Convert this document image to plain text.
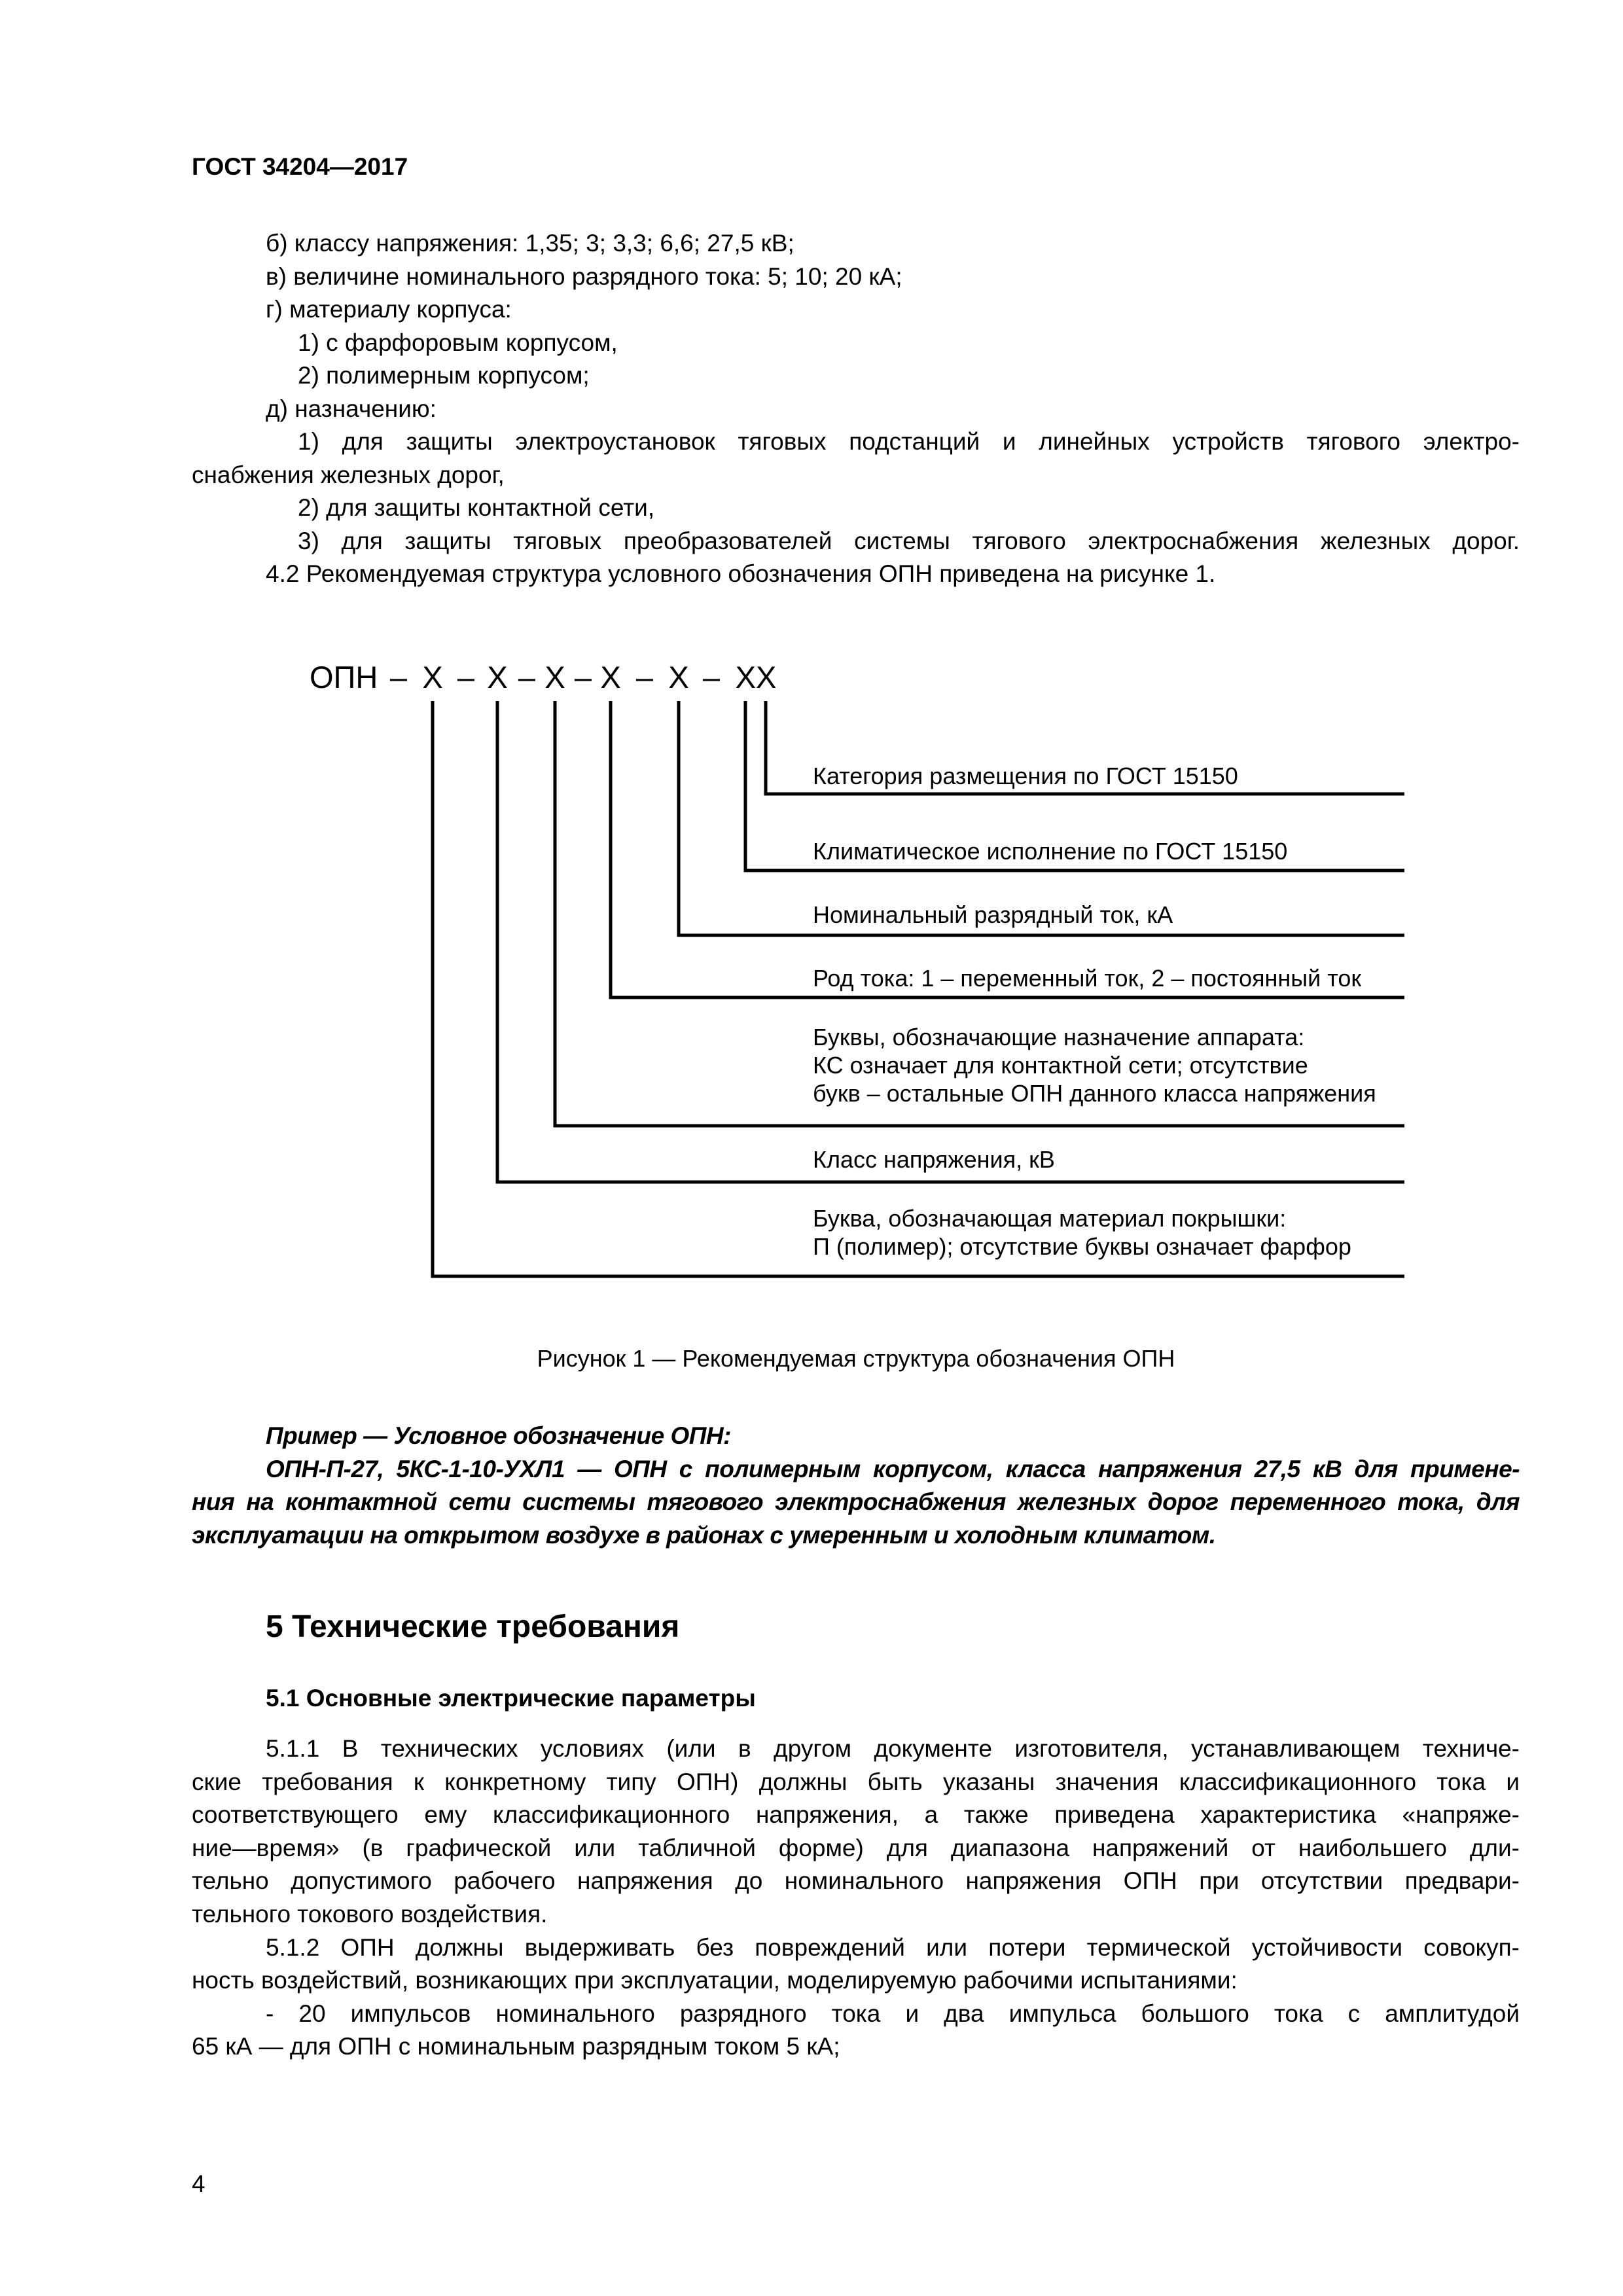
ГОСТ 34204—2017
б) классу напряжения: 1,35; 3; 3,3; 6,6; 27,5 кВ;
в) величине номинального разрядного тока: 5; 10; 20 кА;
г) материалу корпуса:
1) с фарфоровым корпусом,
2) полимерным корпусом;
д) назначению:
1) для защиты электроустановок тяговых подстанций и линейных устройств тягового электро-
снабжения железных дорог,
2) для защиты контактной сети,
3) для защиты тяговых преобразователей системы тягового электроснабжения железных дорог.
4.2 Рекомендуемая структура условного обозначения ОПН приведена на рисунке 1.
ОПН – Х – Х – Х – Х – Х – ХХ
Категория размещения по ГОСТ 15150
Климатическое исполнение по ГОСТ 15150
Номинальный разрядный ток, кА
Род тока: 1 – переменный ток, 2 – постоянный ток
Буквы, обозначающие назначение аппарата:
КС означает для контактной сети; отсутствие
букв – остальные ОПН данного класса напряжения
Класс напряжения, кВ
Буква, обозначающая материал покрышки:
П (полимер); отсутствие буквы означает фарфор
Рисунок 1 — Рекомендуемая структура обозначения ОПН
Пример — Условное обозначение ОПН:
ОПН-П-27, 5КС-1-10-УХЛ1 — ОПН с полимерным корпусом, класса напряжения 27,5 кВ для примене-
ния на контактной сети системы тягового электроснабжения железных дорог переменного тока, для
эксплуатации на открытом воздухе в районах с умеренным и холодным климатом.
5 Технические требования
5.1 Основные электрические параметры
5.1.1 В технических условиях (или в другом документе изготовителя, устанавливающем техниче-
ские требования к конкретному типу ОПН) должны быть указаны значения классификационного тока и
соответствующего ему классификационного напряжения, а также приведена характеристика «напряже-
ние—время» (в графической или табличной форме) для диапазона напряжений от наибольшего дли-
тельно допустимого рабочего напряжения до номинального напряжения ОПН при отсутствии предвари-
тельного токового воздействия.
5.1.2 ОПН должны выдерживать без повреждений или потери термической устойчивости совокуп-
ность воздействий, возникающих при эксплуатации, моделируемую рабочими испытаниями:
- 20 импульсов номинального разрядного тока и два импульса большого тока с амплитудой
65 кА — для ОПН с номинальным разрядным током 5 кА;
4
